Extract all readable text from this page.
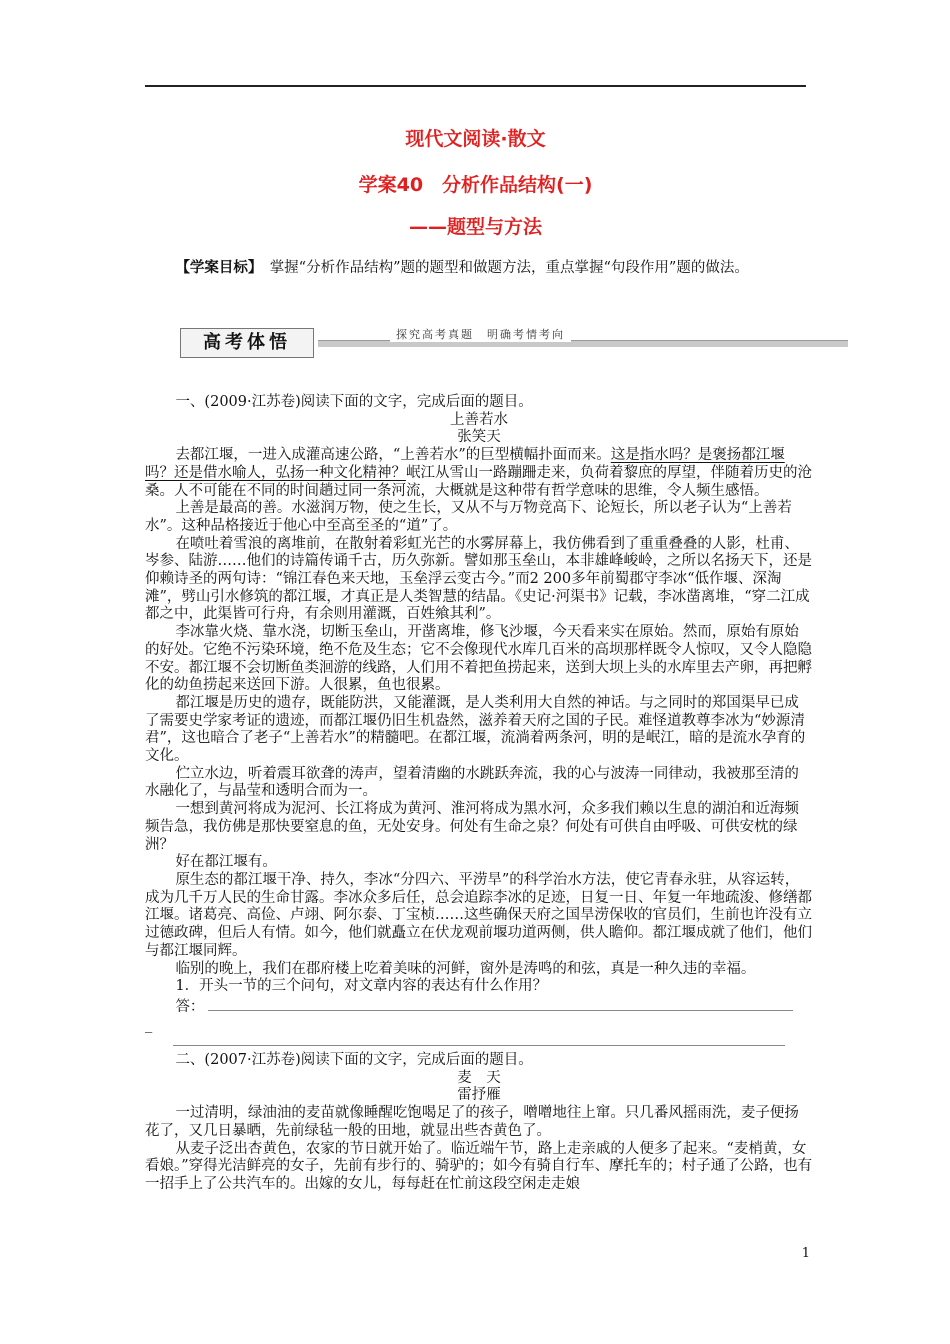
现代文阅读·散文
学案40　分析作品结构(一)
——题型与方法
【学案目标】　 掌握“分析作品结构”题的题型和做题方法，重点掌握“句段作用”题的做法。
探究高考真题　明确考情考向
高考体悟

一、(2009·江苏卷)阅读下面的文字，完成后面的题目。

上善若水

张笑天

去都江堰，一进入成灌高速公路，“上善若水”的巨型横幅扑面而来。这是指水吗？是褒扬都江堰吗？还是借水喻人，弘扬一种文化精神？岷江从雪山一路蹦跚走来，负荷着黎庶的厚望，伴随着历史的沧桑。人不可能在不同的时间趟过同一条河流，大概就是这种带有哲学意味的思维，令人频生感悟。

上善是最高的善。水滋润万物，使之生长，又从不与万物竞高下、论短长，所以老子认为“上善若水”。这种品格接近于他心中至高至圣的“道”了。

在喷吐着雪浪的离堆前，在散射着彩虹光芒的水雾屏幕上，我仿佛看到了重重叠叠的人影，杜甫、岑参、陆游……他们的诗篇传诵千古，历久弥新。譬如那玉垒山，本非雄峰峻岭，之所以名扬天下，还是仰赖诗圣的两句诗：“锦江春色来天地，玉垒浮云变古今。”而2 200多年前蜀郡守李冰“低作堰、深淘滩”，劈山引水修筑的都江堰，才真正是人类智慧的结晶。《史记·河渠书》记载，李冰凿离堆，“穿二江成都之中，此渠皆可行舟，有余则用灌溉，百姓飨其利”。

李冰靠火烧、靠水浇，切断玉垒山，开凿离堆，修飞沙堰，今天看来实在原始。然而，原始有原始的好处。它绝不污染环境，绝不危及生态；它不会像现代水库几百米的高坝那样既令人惊叹，又令人隐隐不安。都江堰不会切断鱼类洄游的线路，人们用不着把鱼捞起来，送到大坝上头的水库里去产卵，再把孵化的幼鱼捞起来送回下游。人很累，鱼也很累。

都江堰是历史的遗存，既能防洪，又能灌溉，是人类利用大自然的神话。与之同时的郑国渠早已成了需要史学家考证的遗迹，而都江堰仍旧生机盎然，滋养着天府之国的子民。难怪道教尊李冰为“妙源清君”，这也暗合了老子“上善若水”的精髓吧。在都江堰，流淌着两条河，明的是岷江，暗的是流水孕育的文化。

伫立水边，听着震耳欲聋的涛声，望着清幽的水跳跃奔流，我的心与波涛一同律动，我被那至清的水融化了，与晶莹和透明合而为一。

一想到黄河将成为泥河、长江将成为黄河、淮河将成为黑水河，众多我们赖以生息的湖泊和近海频频告急，我仿佛是那快要窒息的鱼，无处安身。何处有生命之泉？何处有可供自由呼吸、可供安枕的绿洲？

好在都江堰有。

原生态的都江堰干净、持久，李冰“分四六、平涝旱”的科学治水方法，使它青春永驻，从容运转，成为几千万人民的生命甘露。李冰众多后任，总会追踪李冰的足迹，日复一日、年复一年地疏浚、修缮都江堰。诸葛亮、高俭、卢翊、阿尔泰、丁宝桢……这些确保天府之国旱涝保收的官员们，生前也许没有立过德政碑，但后人有情。如今，他们就矗立在伏龙观前堰功道两侧，供人瞻仰。都江堰成就了他们，他们与都江堰同辉。

临别的晚上，我们在郡府楼上吃着美味的河鲜，窗外是涛鸣的和弦，真是一种久违的幸福。

1．开头一节的三个问句，对文章内容的表达有什么作用？

答：

_

二、(2007·江苏卷)阅读下面的文字，完成后面的题目。

麦　天

雷抒雁

一过清明，绿油油的麦苗就像睡醒吃饱喝足了的孩子，噌噌地往上窜。只几番风摇雨洗，麦子便扬花了，又几日暴晒，先前绿毡一般的田地，就显出些杏黄色了。

从麦子泛出杏黄色，农家的节日就开始了。临近端午节，路上走亲戚的人便多了起来。“麦梢黄，女看娘。”穿得光洁鲜亮的女子，先前有步行的、骑驴的；如今有骑自行车、摩托车的；村子通了公路，也有一招手上了公共汽车的。出嫁的女儿，每每赶在忙前这段空闲走走娘

1
